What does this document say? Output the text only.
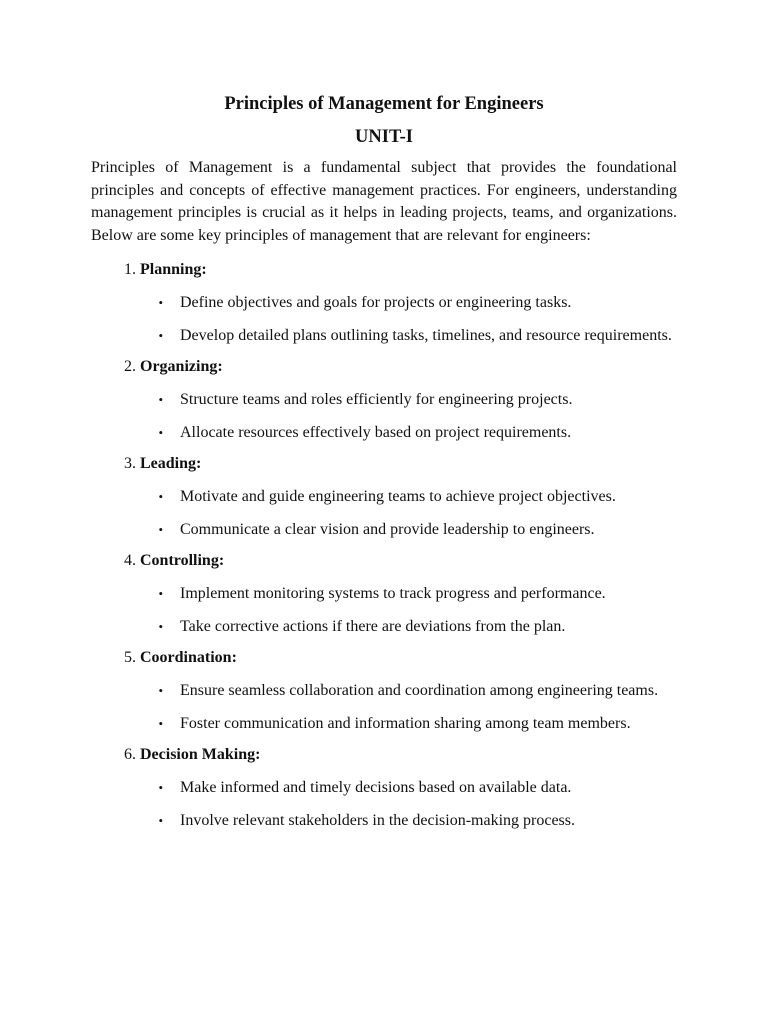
Principles of Management for Engineers
UNIT-I

Principles of Management is a fundamental subject that provides the foundational principles and concepts of effective management practices. For engineers, understanding management principles is crucial as it helps in leading projects, teams, and organizations. Below are some key principles of management that are relevant for engineers:

1.
Planning:
•	Define objectives and goals for projects or engineering tasks.
•	Develop detailed plans outlining tasks, timelines, and resource requirements.
2.
Organizing:
•	Structure teams and roles efficiently for engineering projects.
•	Allocate resources effectively based on project requirements.
3.
Leading:
•	Motivate and guide engineering teams to achieve project objectives.
•	Communicate a clear vision and provide leadership to engineers.
4.
Controlling:
•	Implement monitoring systems to track progress and performance.
•	Take corrective actions if there are deviations from the plan.
5.
Coordination:
•	Ensure seamless collaboration and coordination among engineering teams.
•	Foster communication and information sharing among team members.
6.
Decision Making:
•	Make informed and timely decisions based on available data.
•	Involve relevant stakeholders in the decision-making process.
